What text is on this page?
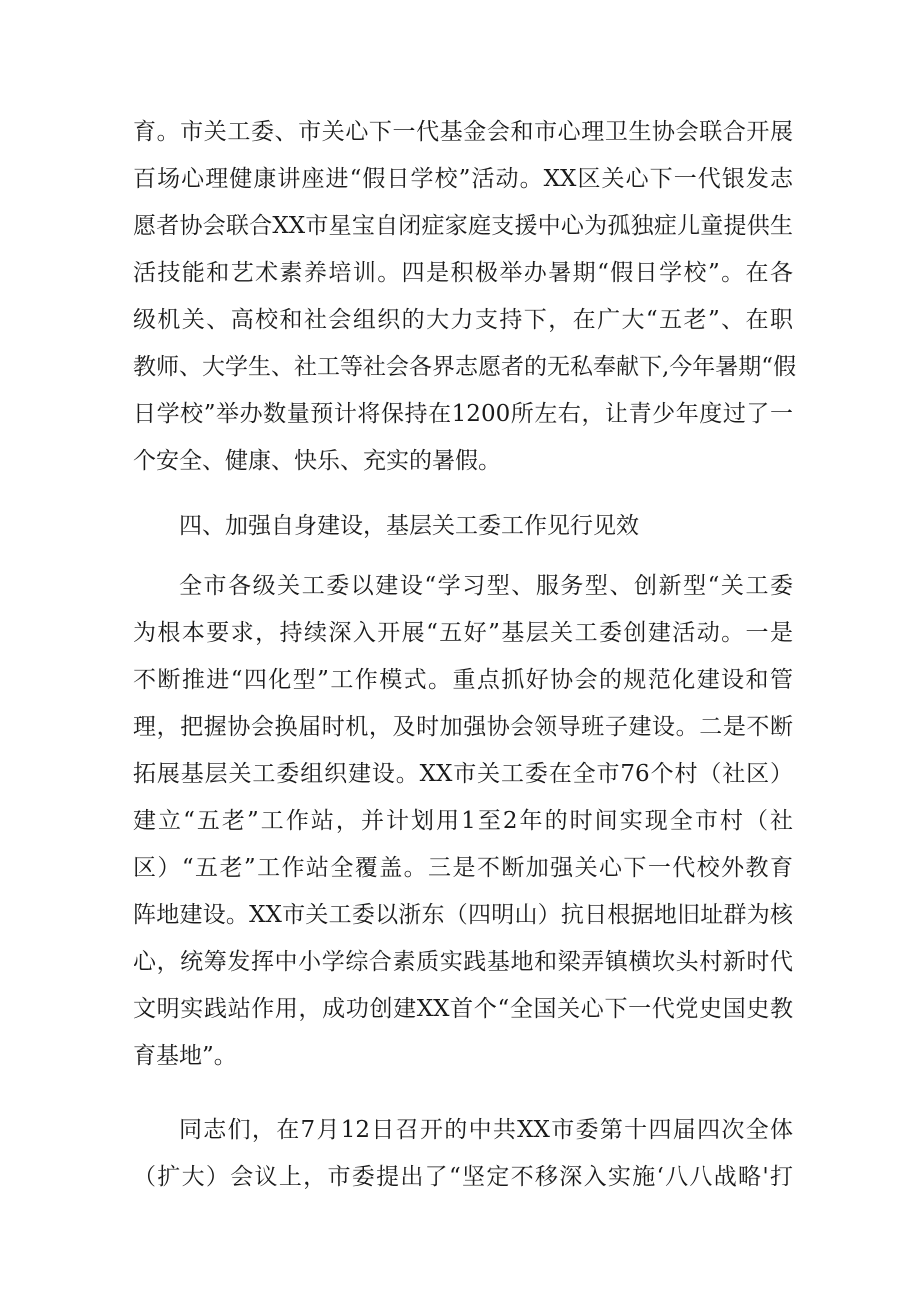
育。市关工委、市关心下一代基金会和市心理卫生协会联合开展
百场心理健康讲座进“假日学校”活动。XX区关心下一代银发志
愿者协会联合XX市星宝自闭症家庭支援中心为孤独症儿童提供生
活技能和艺术素养培训。四是积极举办暑期“假日学校”。在各
级机关、高校和社会组织的大力支持下，在广大“五老”、在职
教师、大学生、社工等社会各界志愿者的无私奉献下,今年暑期“假
日学校”举办数量预计将保持在1200所左右，让青少年度过了一
个安全、健康、快乐、充实的暑假。
四、加强自身建设，基层关工委工作见行见效
全市各级关工委以建设“学习型、服务型、创新型“关工委
为根本要求，持续深入开展“五好”基层关工委创建活动。一是
不断推进“四化型”工作模式。重点抓好协会的规范化建设和管
理，把握协会换届时机，及时加强协会领导班子建设。二是不断
拓展基层关工委组织建设。XX市关工委在全市76个村（社区）
建立“五老”工作站，并计划用1至2年的时间实现全市村（社
区）“五老”工作站全覆盖。三是不断加强关心下一代校外教育
阵地建设。XX市关工委以浙东（四明山）抗日根据地旧址群为核
心，统筹发挥中小学综合素质实践基地和梁弄镇横坎头村新时代
文明实践站作用，成功创建XX首个“全国关心下一代党史国史教
育基地”。
同志们，在7月12日召开的中共XX市委第十四届四次全体
（扩大）会议上，市委提出了“坚定不移深入实施‘八八战略'打
